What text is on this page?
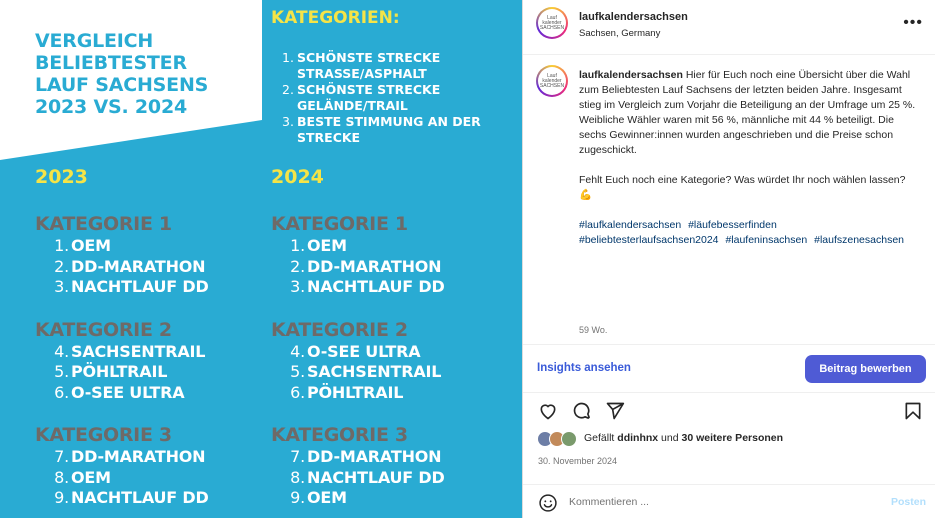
VERGLEICH
BELIEBTESTER
LAUF SACHSENS
2023 VS. 2024
KATEGORIEN:
1. SCHÖNSTE STRECKE STRASSE/ASPHALT
2. SCHÖNSTE STRECKE GELÄNDE/TRAIL
3. BESTE STIMMUNG AN DER STRECKE
2023
KATEGORIE 1
1. OEM
2. DD-MARATHON
3. NACHTLAUF DD
KATEGORIE 2
4. SACHSENTRAIL
5. PÖHLTRAIL
6. O-SEE ULTRA
KATEGORIE 3
7. DD-MARATHON
8. OEM
9. NACHTLAUF DD
2024
KATEGORIE 1
1. OEM
2. DD-MARATHON
3. NACHTLAUF DD
KATEGORIE 2
4. O-SEE ULTRA
5. SACHSENTRAIL
6. PÖHLTRAIL
KATEGORIE 3
7. DD-MARATHON
8. NACHTLAUF DD
9. OEM
Lauf
kalender
SACHSEN
laufkalendersachsen
Sachsen, Germany
•••
Lauf
kalender
SACHSEN

laufkalendersachsen Hier für Euch noch eine Übersicht über die Wahl zum Beliebtesten Lauf Sachsens der letzten beiden Jahre. Insgesamt stieg im Vergleich zum Vorjahr die Beteiligung an der Umfrage um 25 %. Weibliche Wähler waren mit 56 %, männliche mit 44 % beteiligt. Die sechs Gewinner:innen wurden angeschrieben und die Preise schon zugeschickt.

Fehlt Euch noch eine Kategorie? Was würdet Ihr noch wählen lassen? 💪

#laufkalendersachsen #läufebesserfinden #beliebtesterlaufsachsen2024 #laufeninsachsen #laufszenesachsen
59 Wo.
Insights ansehen	Beitrag bewerben
Gefällt ddinhnx und 30 weitere Personen
30. November 2024
Kommentieren ...
Posten
